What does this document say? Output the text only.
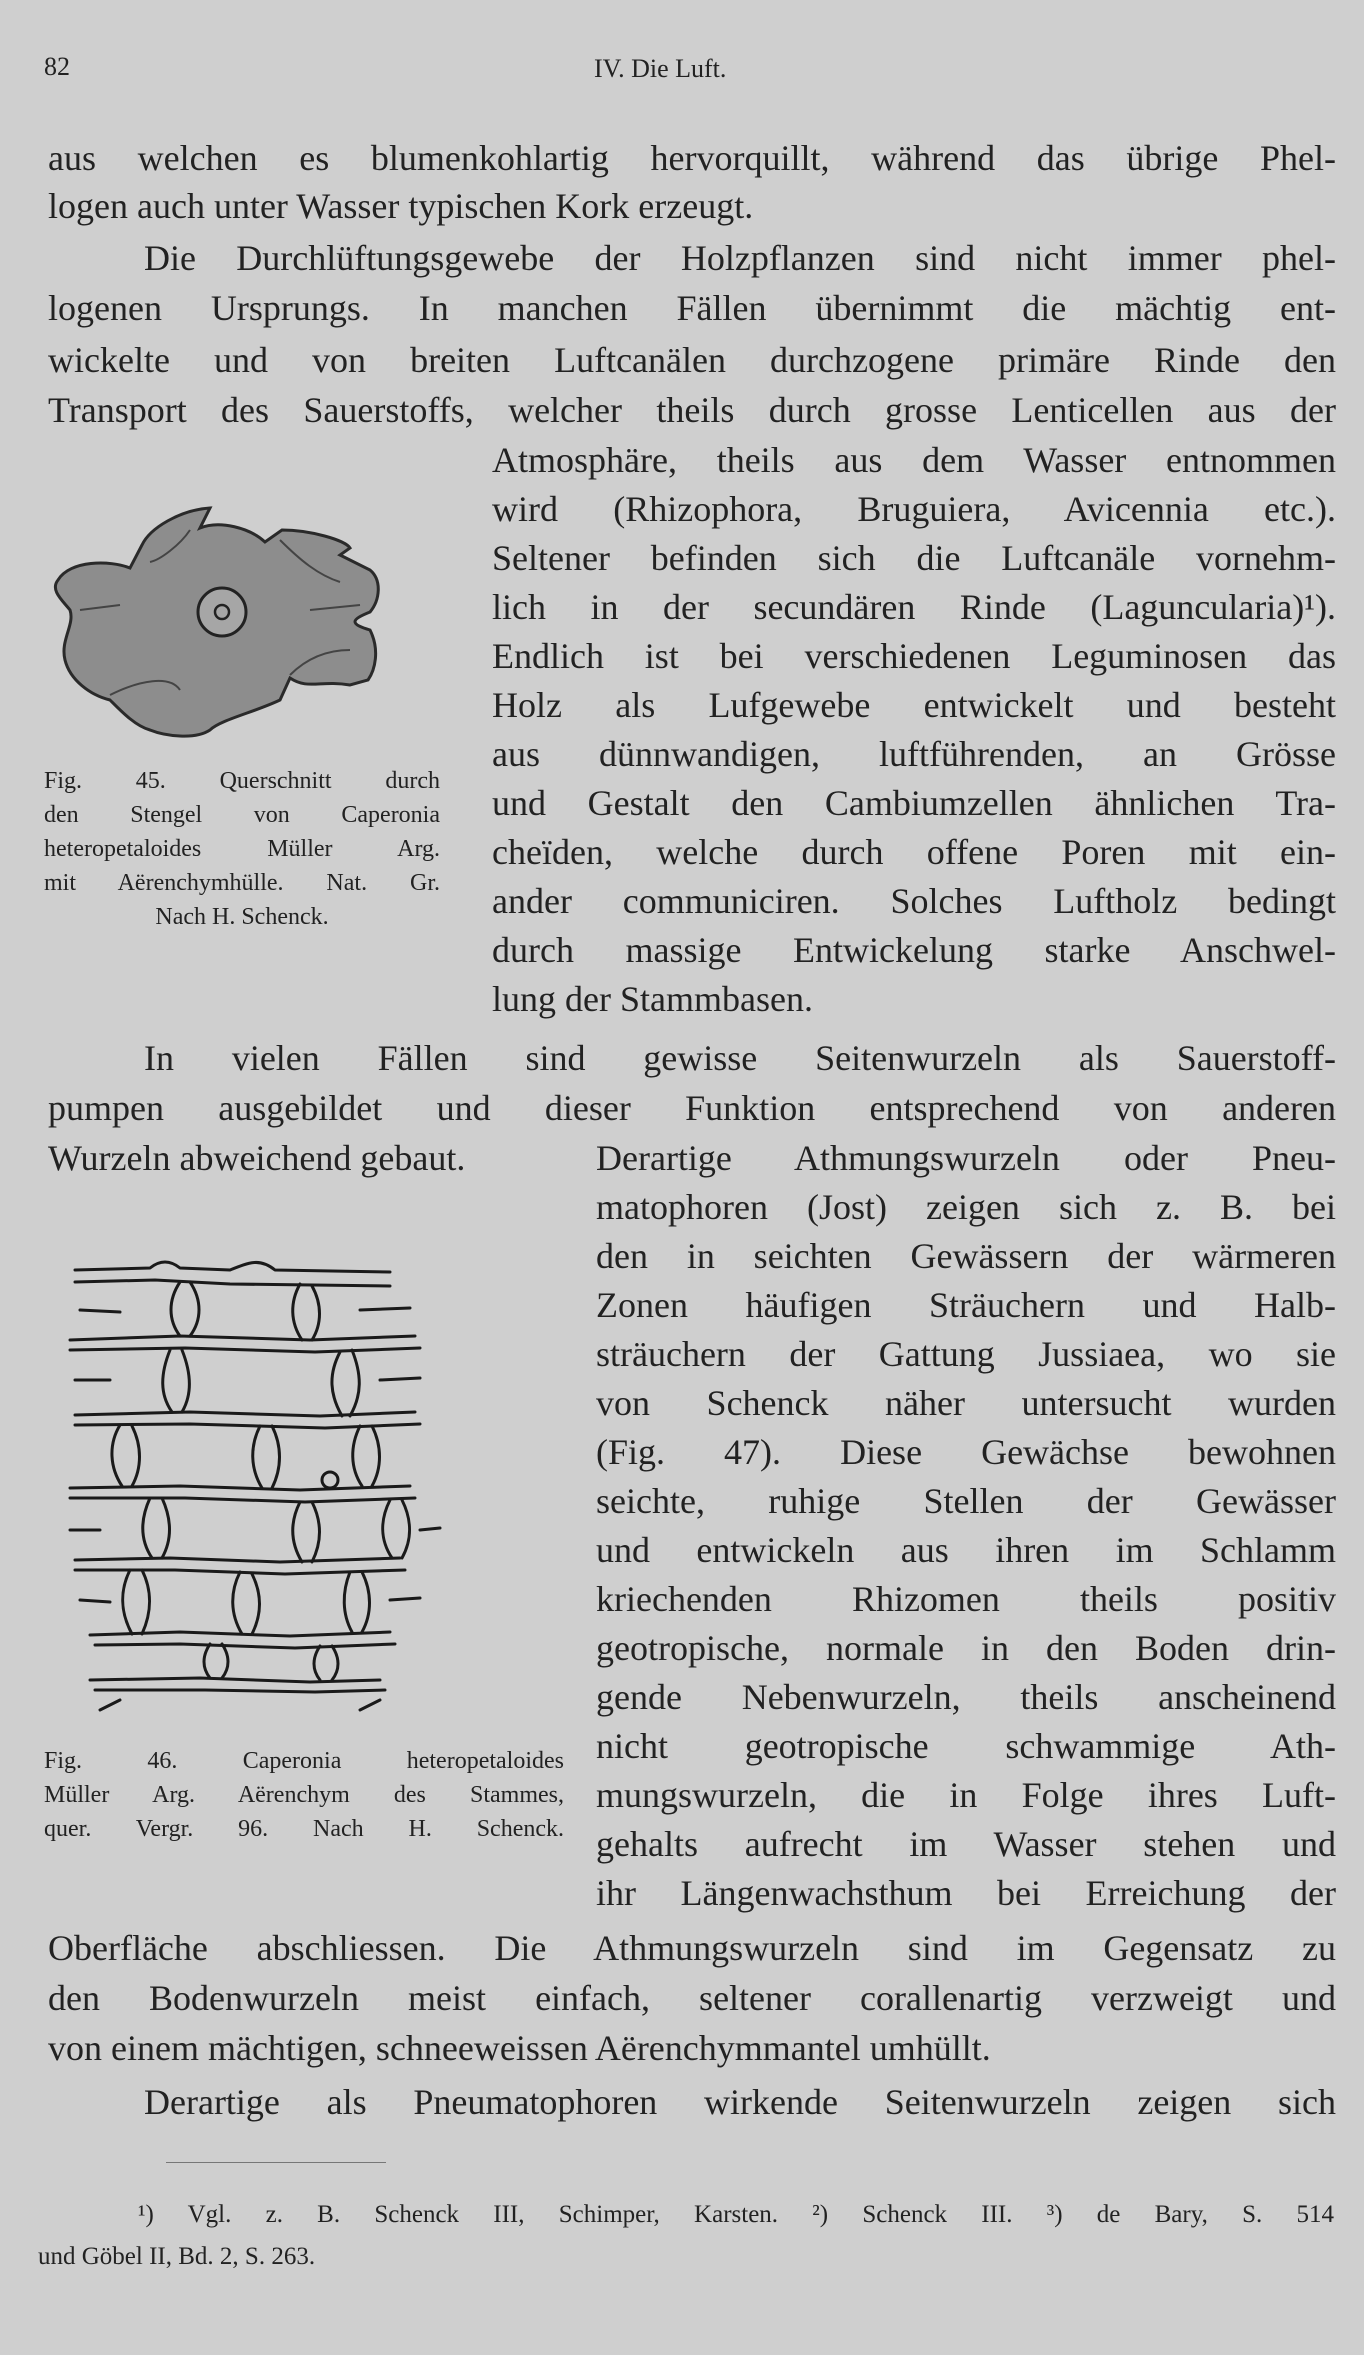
82	IV. Die Luft.
aus welchen es blumenkohlartig hervorquillt, während das übrige Phel-
logen auch unter Wasser typischen Kork erzeugt.
Die Durchlüftungsgewebe der Holzpflanzen sind nicht immer phel-
logenen Ursprungs. In manchen Fällen übernimmt die mächtig ent-
wickelte und von breiten Luftcanälen durchzogene primäre Rinde den
Transport des Sauerstoffs, welcher theils durch grosse Lenticellen aus der
Atmosphäre, theils aus dem Wasser entnommen
wird (Rhizophora, Bruguiera, Avicennia etc.).
Seltener befinden sich die Luftcanäle vornehm-
lich in der secundären Rinde (Laguncularia)¹).
Endlich ist bei verschiedenen Leguminosen das
Holz als Lufgewebe entwickelt und besteht
aus dünnwandigen, luftführenden, an Grösse
und Gestalt den Cambiumzellen ähnlichen Tra-
cheïden, welche durch offene Poren mit ein-
ander communiciren. Solches Luftholz bedingt
durch massige Entwickelung starke Anschwel-
lung der Stammbasen.
Fig. 45. Querschnitt durch
den Stengel von Caperonia
heteropetaloides Müller Arg.
mit Aërenchymhülle. Nat. Gr.
Nach H. Schenck.
In vielen Fällen sind gewisse Seitenwurzeln als Sauerstoff-
pumpen ausgebildet und dieser Funktion entsprechend von anderen
Wurzeln abweichend gebaut.	Derartige Athmungswurzeln oder Pneu-
matophoren (Jost) zeigen sich z. B. bei
den in seichten Gewässern der wärmeren
Zonen häufigen Sträuchern und Halb-
sträuchern der Gattung Jussiaea, wo sie
von Schenck näher untersucht wurden
(Fig. 47). Diese Gewächse bewohnen
seichte, ruhige Stellen der Gewässer
und entwickeln aus ihren im Schlamm
kriechenden Rhizomen theils positiv
geotropische, normale in den Boden drin-
gende Nebenwurzeln, theils anscheinend
nicht geotropische schwammige Ath-
mungswurzeln, die in Folge ihres Luft-
gehalts aufrecht im Wasser stehen und
ihr Längenwachsthum bei Erreichung der
Fig. 46. Caperonia heteropetaloides
Müller Arg. Aërenchym des Stammes,
quer. Vergr. 96. Nach H. Schenck.
Oberfläche abschliessen. Die Athmungswurzeln sind im Gegensatz zu
den Bodenwurzeln meist einfach, seltener corallenartig verzweigt und
von einem mächtigen, schneeweissen Aërenchymmantel umhüllt.
Derartige als Pneumatophoren wirkende Seitenwurzeln zeigen sich
¹) Vgl. z. B. Schenck III, Schimper, Karsten. ²) Schenck III. ³) de Bary, S. 514
und Göbel II, Bd. 2, S. 263.
